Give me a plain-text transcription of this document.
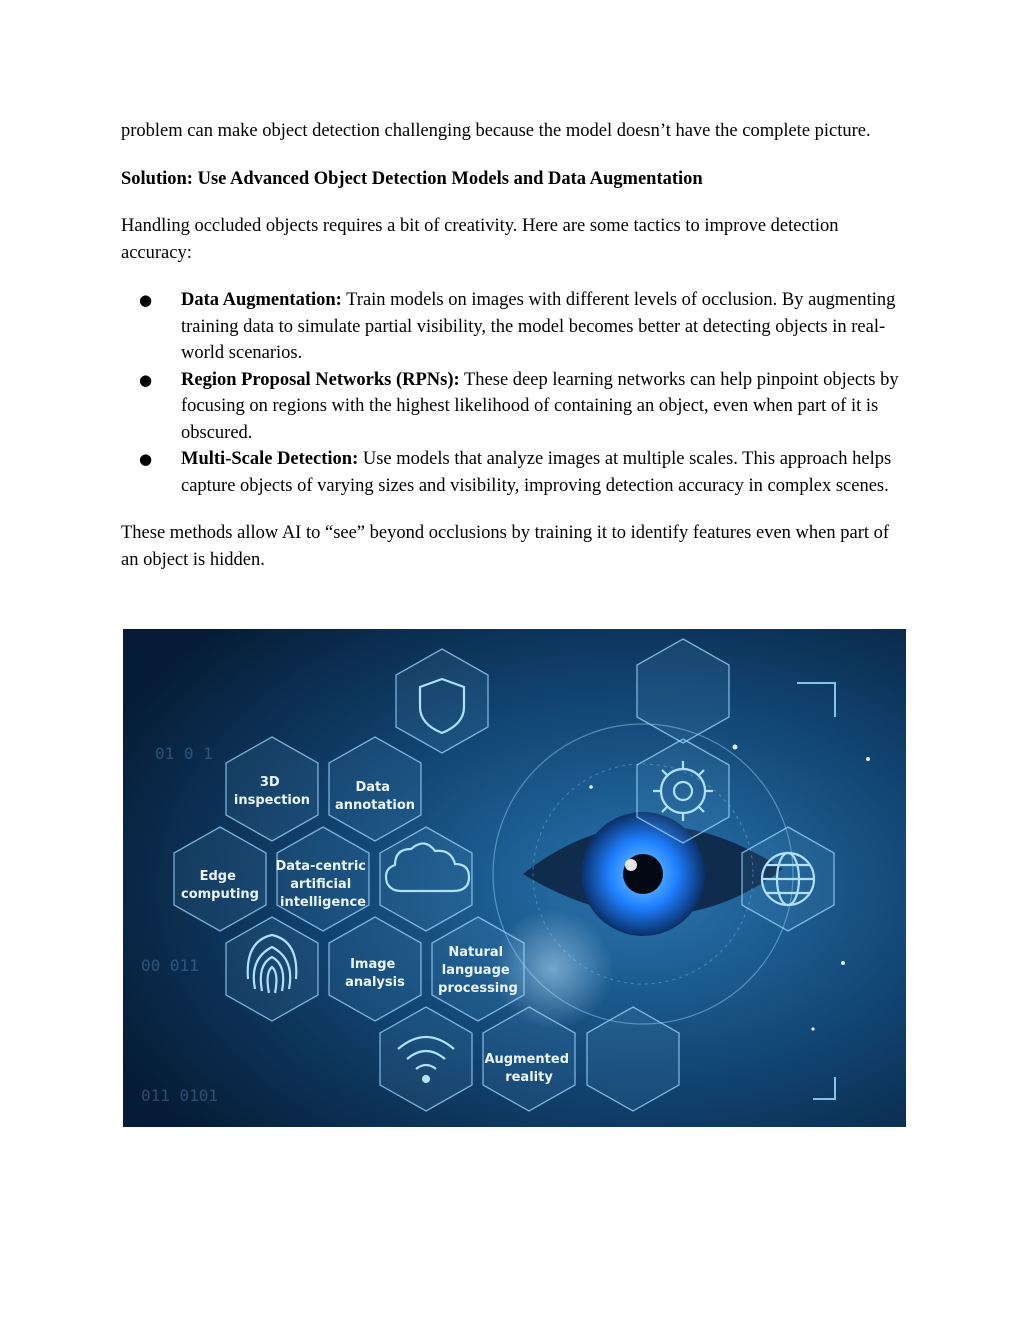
problem can make object detection challenging because the model doesn’t have the complete picture.

Solution: Use Advanced Object Detection Models and Data Augmentation

Handling occluded objects requires a bit of creativity. Here are some tactics to improve detection accuracy:

● Data Augmentation: Train models on images with different levels of occlusion. By augmenting training data to simulate partial visibility, the model becomes better at detecting objects in real-world scenarios.
● Region Proposal Networks (RPNs): These deep learning networks can help pinpoint objects by focusing on regions with the highest likelihood of containing an object, even when part of it is obscured.
● Multi-Scale Detection: Use models that analyze images at multiple scales. This approach helps capture objects of varying sizes and visibility, improving detection accuracy in complex scenes.

These methods allow AI to “see” beyond occlusions by training it to identify features even when part of an object is hidden.

3D inspection
Data annotation
Edge computing
Data-centric artificial intelligence
Image analysis
Natural language processing
Augmented reality
01 0 1
00 011
011 0101
